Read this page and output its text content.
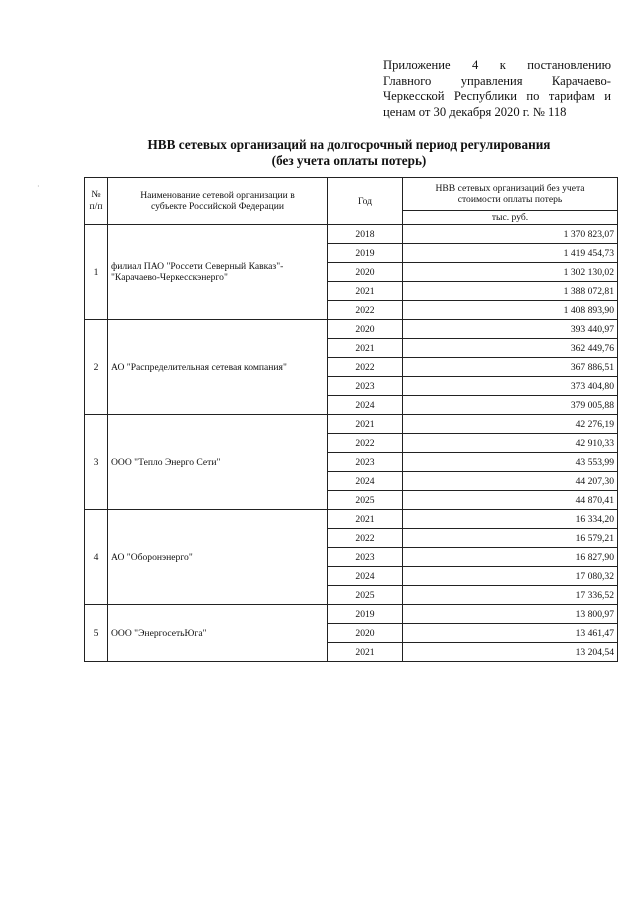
Приложение 4 к постановлению
Главного управления Карачаево-
Черкесской Республики по тарифам и
ценам от 30 декабря 2020 г. № 118
НВВ сетевых организаций на долгосрочный период регулирования
(без учета оплаты потерь)
№
п/п	Наименование сетевой организации в субъекте Российской Федерации	Год	НВВ сетевых организаций без учета стоимости оплаты потерь
			тыс. руб.
1	филиал ПАО "Россети Северный Кавказ"- "Карачаево-Черкесскэнерго"	2018	1 370 823,07
		2019	1 419 454,73
		2020	1 302 130,02
		2021	1 388 072,81
		2022	1 408 893,90
2	АО "Распределительная сетевая компания"	2020	393 440,97
		2021	362 449,76
		2022	367 886,51
		2023	373 404,80
		2024	379 005,88
3	ООО "Тепло Энерго Сети"	2021	42 276,19
		2022	42 910,33
		2023	43 553,99
		2024	44 207,30
		2025	44 870,41
4	АО "Оборонэнерго"	2021	16 334,20
		2022	16 579,21
		2023	16 827,90
		2024	17 080,32
		2025	17 336,52
5	ООО "ЭнергосетьЮга"	2019	13 800,97
		2020	13 461,47
		2021	13 204,54
·
